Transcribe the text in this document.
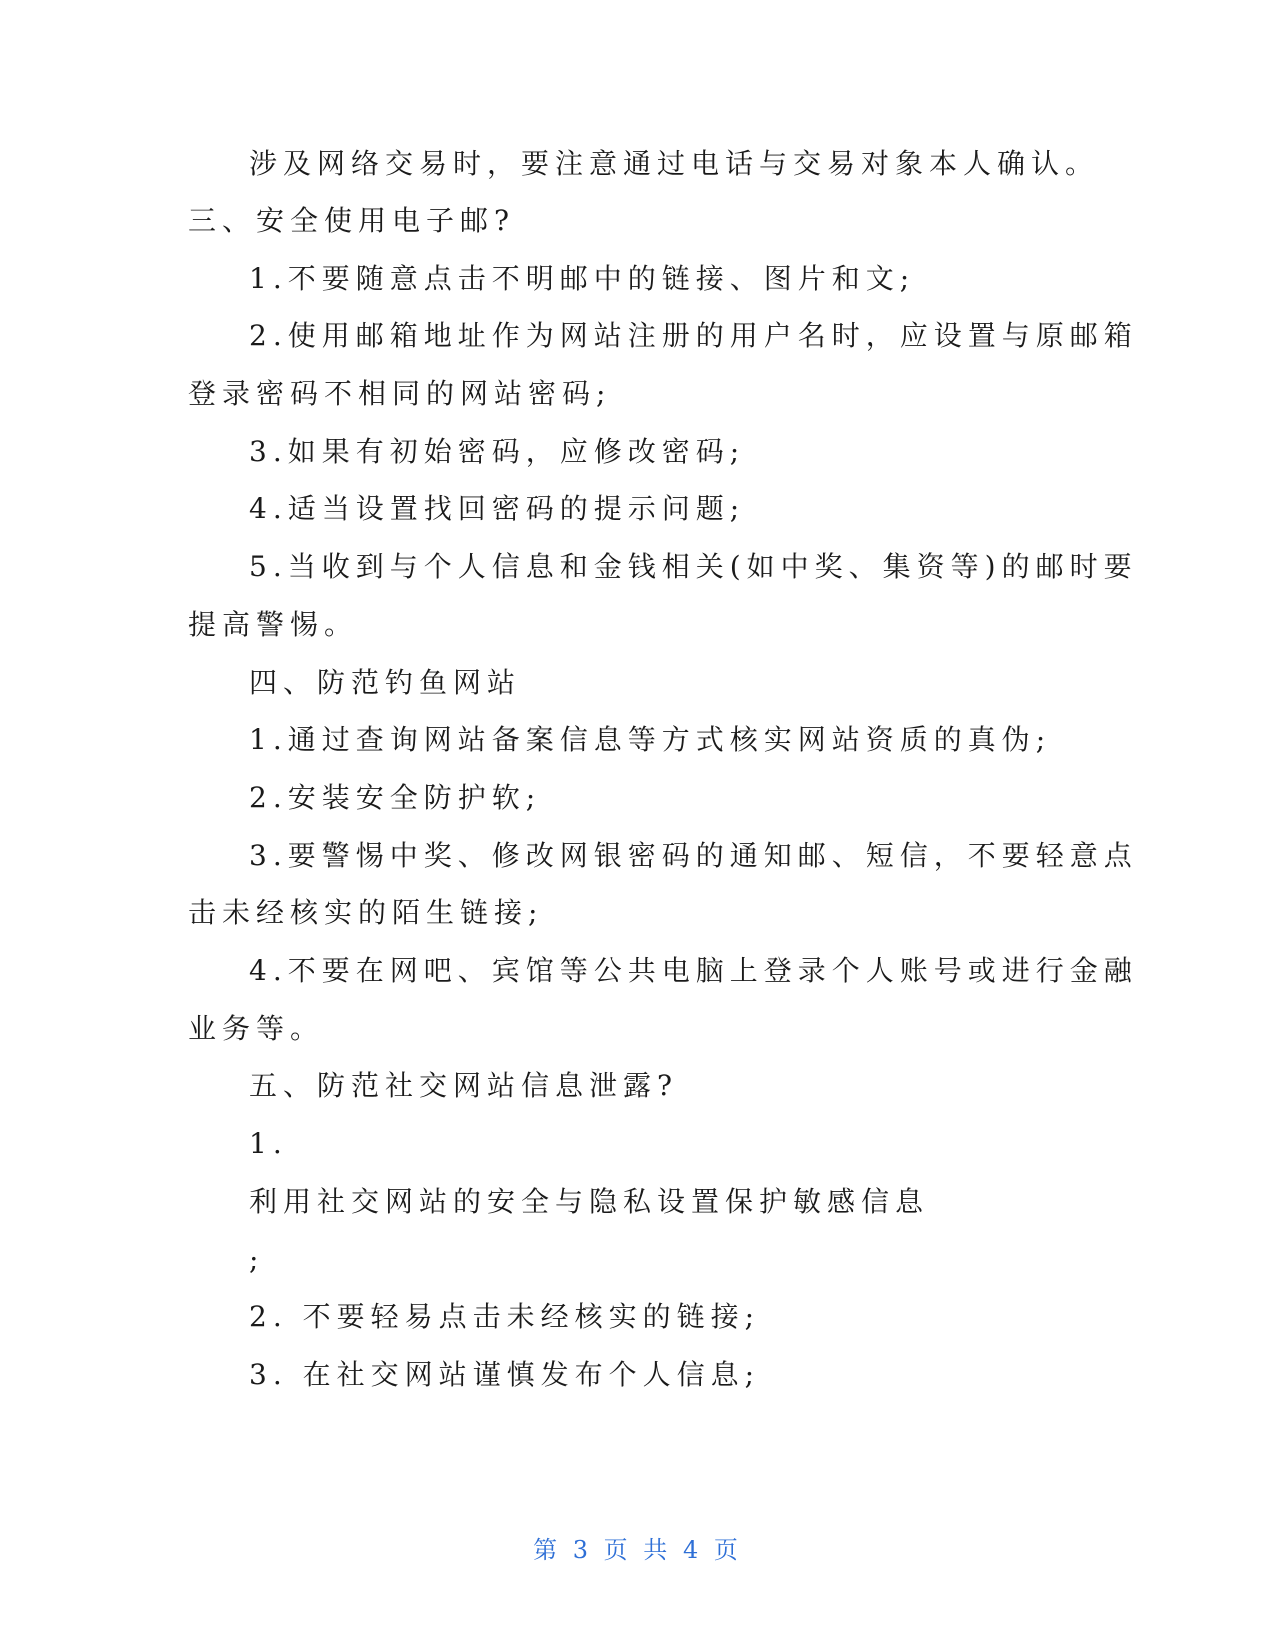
涉及网络交易时，要注意通过电话与交易对象本人确认。
三、安全使用电子邮?
1.不要随意点击不明邮中的链接、图片和文;
2.使用邮箱地址作为网站注册的用户名时，应设置与原邮箱
登录密码不相同的网站密码;
3.如果有初始密码，应修改密码;
4.适当设置找回密码的提示问题;
5.当收到与个人信息和金钱相关(如中奖、集资等)的邮时要
提高警惕。
四、防范钓鱼网站
1.通过查询网站备案信息等方式核实网站资质的真伪;
2.安装安全防护软;
3.要警惕中奖、修改网银密码的通知邮、短信，不要轻意点
击未经核实的陌生链接;
4.不要在网吧、宾馆等公共电脑上登录个人账号或进行金融
业务等。
五、防范社交网站信息泄露?
1.
利用社交网站的安全与隐私设置保护敏感信息
;
2. 不要轻易点击未经核实的链接;
3. 在社交网站谨慎发布个人信息;
第 3 页 共 4 页
